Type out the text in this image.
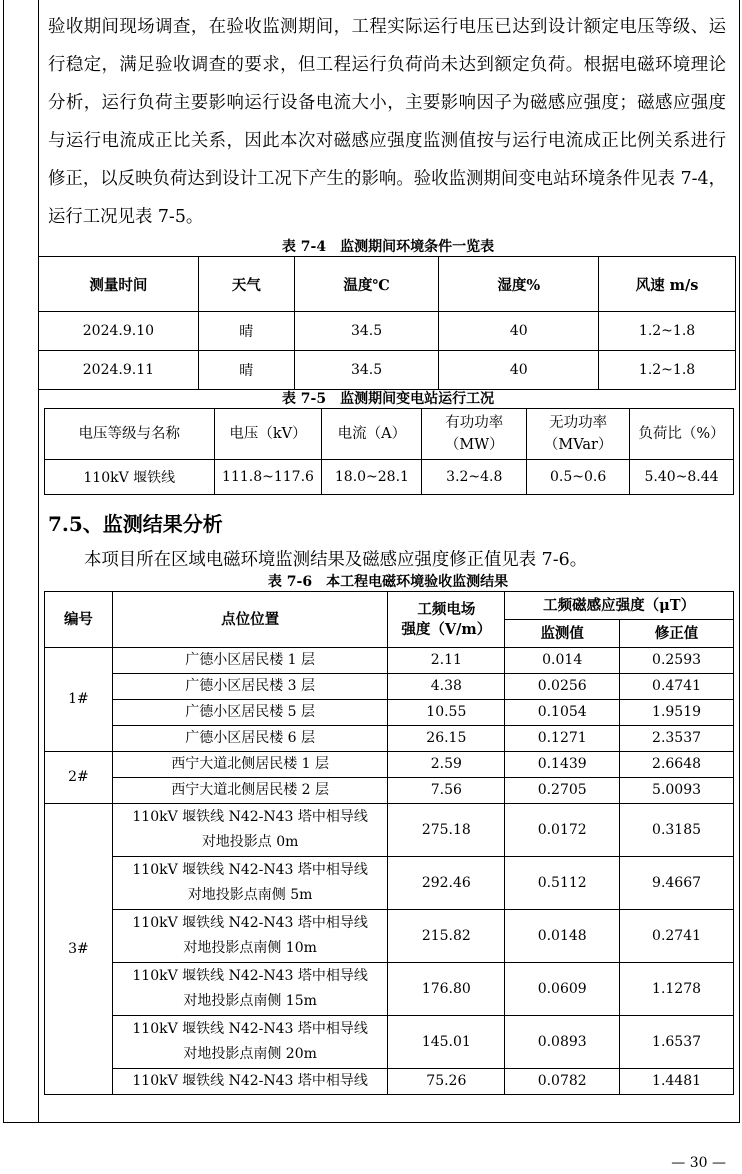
验收期间现场调查，在验收监测期间，工程实际运行电压已达到设计额定电压等级、运行稳定，满足验收调查的要求，但工程运行负荷尚未达到额定负荷。根据电磁环境理论分析，运行负荷主要影响运行设备电流大小，主要影响因子为磁感应强度；磁感应强度与运行电流成正比关系，因此本次对磁感应强度监测值按与运行电流成正比例关系进行修正，以反映负荷达到设计工况下产生的影响。验收监测期间变电站环境条件见表 7-4，运行工况见表 7-5。

表 7-4　监测期间环境条件一览表
测量时间	天气	温度℃	湿度%	风速 m/s
2024.9.10	晴	34.5	40	1.2~1.8
2024.9.11	晴	34.5	40	1.2~1.8
表 7-5　监测期间变电站运行工况
电压等级与名称	电压（kV）	电流（A）	有功功率
（MW）	无功功率
（MVar）	负荷比（%）
110kV 堰铁线	111.8~117.6	18.0~28.1	3.2~4.8	0.5~0.6	5.40~8.44
7.5、监测结果分析

本项目所在区域电磁环境监测结果及磁感应强度修正值见表 7-6。

表 7-6　本工程电磁环境验收监测结果
编号	点位位置	工频电场
强度（V/m）	工频磁感应强度（μT）	
			监测值	修正值
1#	广德小区居民楼 1 层	2.11	0.014	0.2593
	广德小区居民楼 3 层	4.38	0.0256	0.4741
	广德小区居民楼 5 层	10.55	0.1054	1.9519
	广德小区居民楼 6 层	26.15	0.1271	2.3537
2#	西宁大道北侧居民楼 1 层	2.59	0.1439	2.6648
	西宁大道北侧居民楼 2 层	7.56	0.2705	5.0093
3#	110kV 堰铁线 N42-N43 塔中相导线
对地投影点 0m	275.18	0.0172	0.3185
	110kV 堰铁线 N42-N43 塔中相导线
对地投影点南侧 5m	292.46	0.5112	9.4667
	110kV 堰铁线 N42-N43 塔中相导线
对地投影点南侧 10m	215.82	0.0148	0.2741
	110kV 堰铁线 N42-N43 塔中相导线
对地投影点南侧 15m	176.80	0.0609	1.1278
	110kV 堰铁线 N42-N43 塔中相导线
对地投影点南侧 20m	145.01	0.0893	1.6537
	110kV 堰铁线 N42-N43 塔中相导线	75.26	0.0782	1.4481
— 30 —
